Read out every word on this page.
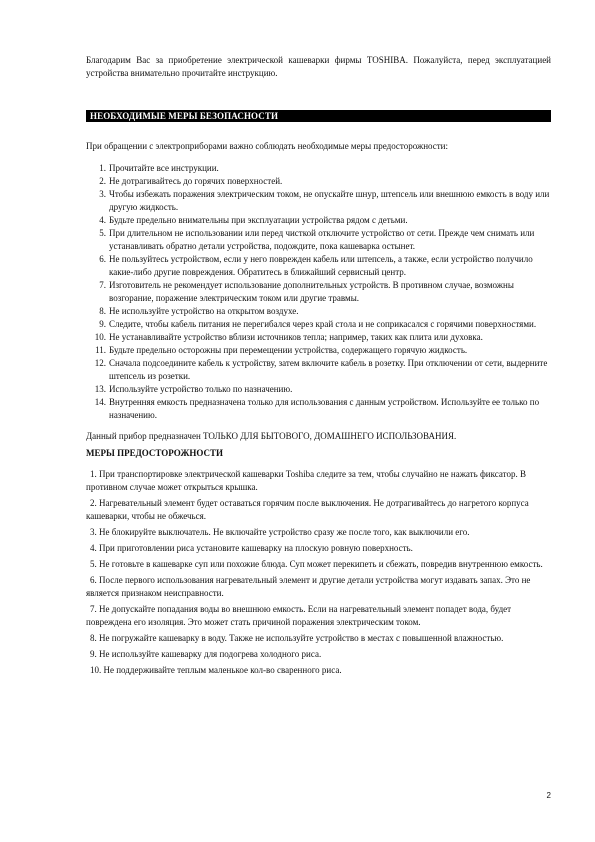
Благодарим Вас за приобретение электрической кашеварки фирмы TOSHIBA. Пожалуйста, перед эксплуатацией устройства внимательно прочитайте инструкцию.

НЕОБХОДИМЫЕ МЕРЫ БЕЗОПАСНОСТИ

При обращении с электроприборами важно соблюдать необходимые меры предосторожности:

1. Прочитайте все инструкции.
2. Не дотрагивайтесь до горячих поверхностей.
3. Чтобы избежать поражения электрическим током, не опускайте шнур, штепсель или внешнюю емкость в воду или другую жидкость.
4. Будьте предельно внимательны при эксплуатации устройства рядом с детьми.
5. При длительном не использовании или перед чисткой отключите устройство от сети. Прежде чем снимать или устанавливать обратно детали устройства, подождите, пока кашеварка остынет.
6. Не пользуйтесь устройством, если у него поврежден кабель или штепсель, а также, если устройство получило какие-либо другие повреждения. Обратитесь в ближайший сервисный центр.
7. Изготовитель не рекомендует использование дополнительных устройств. В противном случае, возможны возгорание, поражение электрическим током или другие травмы.
8. Не используйте устройство на открытом воздухе.
9. Следите, чтобы кабель питания не перегибался через край стола и не соприкасался с горячими поверхностями.
10. Не устанавливайте устройство вблизи источников тепла; например, таких как плита или духовка.
11. Будьте предельно осторожны при перемещении устройства, содержащего горячую жидкость.
12. Сначала подсоедините кабель к устройству, затем включите кабель в розетку. При отключении от сети, выдерните штепсель из розетки.
13. Используйте устройство только по назначению.
14. Внутренняя емкость предназначена только для использования с данным устройством. Используйте ее только по назначению.

Данный прибор предназначен ТОЛЬКО ДЛЯ БЫТОВОГО, ДОМАШНЕГО ИСПОЛЬЗОВАНИЯ.

МЕРЫ ПРЕДОСТОРОЖНОСТИ

1. При транспортировке электрической кашеварки Toshiba следите за тем, чтобы случайно не нажать фиксатор. В противном случае может открыться крышка.

2. Нагревательный элемент будет оставаться горячим после выключения. Не дотрагивайтесь до нагретого корпуса кашеварки, чтобы не обжечься.

3. Не блокируйте выключатель. Не включайте устройство сразу же после того, как выключили его.

4. При приготовлении риса установите кашеварку на плоскую ровную поверхность.

5. Не готовьте в кашеварке суп или похожие блюда. Суп может перекипеть и сбежать, повредив внутреннюю емкость.

6. После первого использования нагревательный элемент и другие детали устройства могут издавать запах. Это не является признаком неисправности.

7. Не допускайте попадания воды во внешнюю емкость. Если на нагревательный элемент попадет вода, будет повреждена его изоляция. Это может стать причиной поражения электрическим током.

8. Не погружайте кашеварку в воду. Также не используйте устройство в местах с повышенной влажностью.

9. Не используйте кашеварку для подогрева холодного риса.

10. Не поддерживайте теплым маленькое кол-во сваренного риса.

2
